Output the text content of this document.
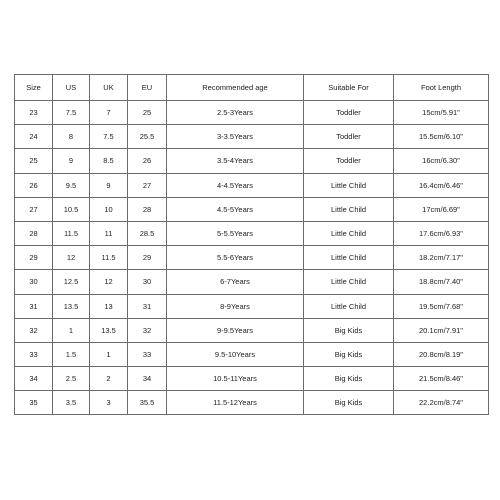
Size	US	UK	EU	Recommended age	Suitable For	Foot Length
23	7.5	7	25	2.5-3Years	Toddler	15cm/5.91"
24	8	7.5	25.5	3-3.5Years	Toddler	15.5cm/6.10"
25	9	8.5	26	3.5-4Years	Toddler	16cm/6.30"
26	9.5	9	27	4-4.5Years	Little Child	16.4cm/6.46"
27	10.5	10	28	4.5-5Years	Little Child	17cm/6.69"
28	11.5	11	28.5	5-5.5Years	Little Child	17.6cm/6.93"
29	12	11.5	29	5.5-6Years	Little Child	18.2cm/7.17"
30	12.5	12	30	6-7Years	Little Child	18.8cm/7.40"
31	13.5	13	31	8-9Years	Little Child	19.5cm/7.68"
32	1	13.5	32	9-9.5Years	Big Kids	20.1cm/7.91"
33	1.5	1	33	9.5-10Years	Big Kids	20.8cm/8.19"
34	2.5	2	34	10.5-11Years	Big Kids	21.5cm/8.46"
35	3.5	3	35.5	11.5-12Years	Big Kids	22.2cm/8.74"
